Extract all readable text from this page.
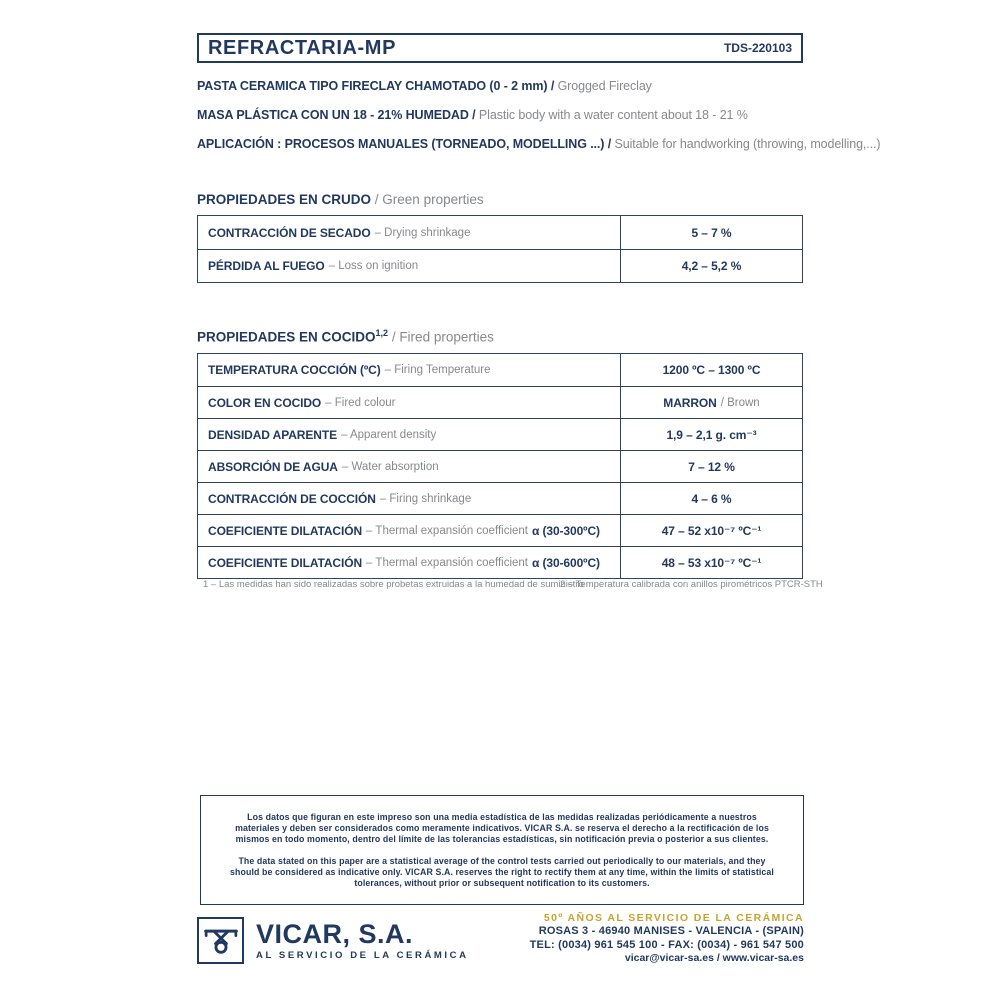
REFRACTARIA-MP	TDS-220103
PASTA CERAMICA TIPO FIRECLAY CHAMOTADO (0 - 2 mm) / Grogged Fireclay
MASA PLÁSTICA CON UN 18 - 21% HUMEDAD / Plastic body with a water content about 18 - 21 %
APLICACIÓN : PROCESOS MANUALES (TORNEADO, MODELLING ...) / Suitable for handworking (throwing, modelling,...)
PROPIEDADES EN CRUDO / Green properties
CONTRACCIÓN DE SECADO – Drying shrinkage	5 – 7 %
PÉRDIDA AL FUEGO – Loss on ignition	4,2 – 5,2 %
PROPIEDADES EN COCIDO$^{1,2}$ / Fired properties
TEMPERATURA COCCIÓN (ºC) – Firing Temperature	1200 ºC – 1300 ºC
COLOR EN COCIDO – Fired colour	MARRON / Brown
DENSIDAD APARENTE – Apparent density	1,9 – 2,1 g. cm⁻³
ABSORCIÓN DE AGUA – Water absorption	7 – 12 %
CONTRACCIÓN DE COCCIÓN – Firing shrinkage	4 – 6 %
COEFICIENTE DILATACIÓN – Thermal expansión coefficient α (30-300ºC)	47 – 52 x10⁻⁷ ºC⁻¹
COEFICIENTE DILATACIÓN – Thermal expansión coefficient α (30-600ºC)	48 – 53 x10⁻⁷ ºC⁻¹
1 – Las medidas han sido realizadas sobre probetas extruidas a la humedad de suministro
2 – Temperatura calibrada con anillos pirométricos PTCR-STH

Los datos que figuran en este impreso son una media estadística de las medidas realizadas periódicamente a nuestros materiales y deben ser considerados como meramente indicativos. VICAR S.A. se reserva el derecho a la rectificación de los mismos en todo momento, dentro del límite de las tolerancias estadísticas, sin notificación previa o posterior a sus clientes.

The data stated on this paper are a statistical average of the control tests carried out periodically to our materials, and they should be considered as indicative only. VICAR S.A. reserves the right to rectify them at any time, within the limits of statistical tolerances, without prior or subsequent notification to its customers.

VICAR, S.A.
AL SERVICIO DE LA CERÁMICA
50º AÑOS AL SERVICIO DE LA CERÁMICA
ROSAS 3 - 46940 MANISES - VALENCIA - (SPAIN)
TEL: (0034) 961 545 100 - FAX: (0034) - 961 547 500
vicar@vicar-sa.es / www.vicar-sa.es
